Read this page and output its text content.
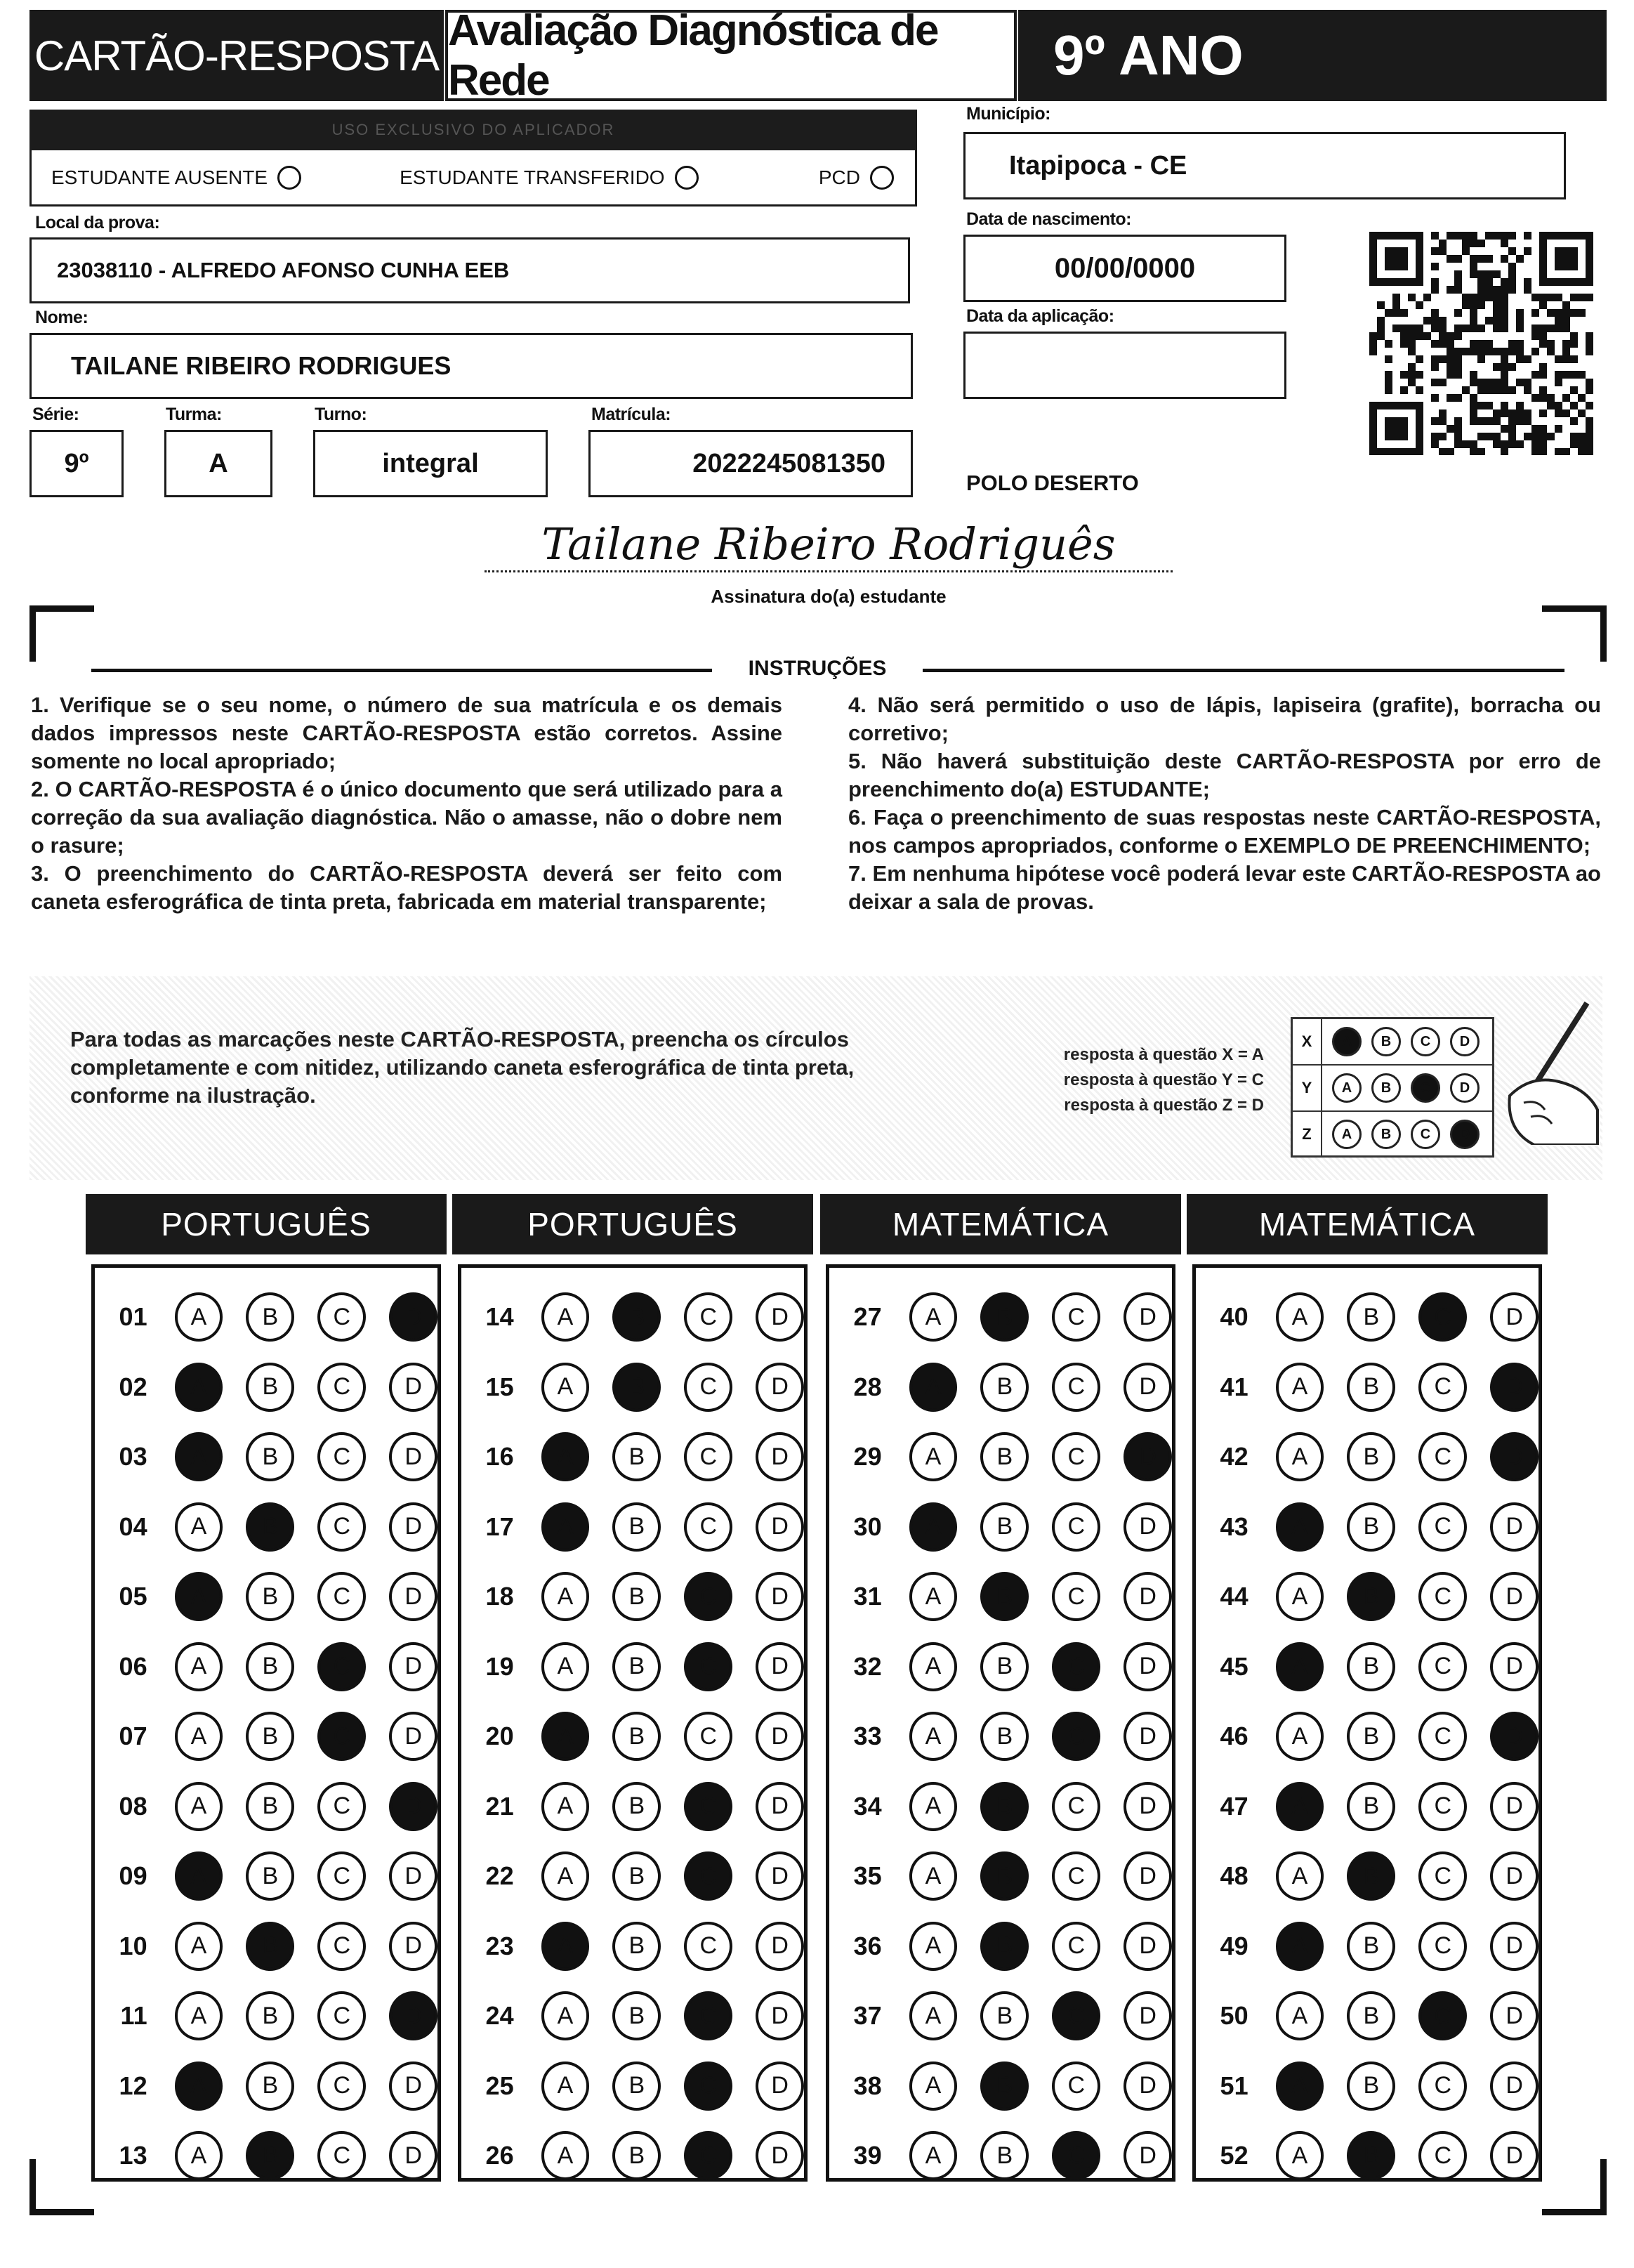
CARTÃO-RESPOSTA
Avaliação Diagnóstica de Rede	9º ANO
USO EXCLUSIVO DO APLICADOR
ESTUDANTE AUSENTE	ESTUDANTE TRANSFERIDO	PCD
Local da prova:
23038110 - ALFREDO AFONSO CUNHA EEB
Nome:
TAILANE RIBEIRO RODRIGUES
Série:
9º
Turma:
A
Turno:
integral
Matrícula:
2022245081350
Município:
Itapipoca - CE
Data de nascimento:
00/00/0000
Data da aplicação:
POLO DESERTO
Tailane Ribeiro Rodriguês
Assinatura do(a) estudante
INSTRUÇÕES
1. Verifique se o seu nome, o número de sua matrícula e os demais dados impressos neste CARTÃO-RESPOSTA estão corretos. Assine somente no local apropriado;
2. O CARTÃO-RESPOSTA é o único documento que será utilizado para a correção da sua avaliação diagnóstica. Não o amasse, não o dobre nem o rasure;
3. O preenchimento do CARTÃO-RESPOSTA deverá ser feito com caneta esferográfica de tinta preta, fabricada em material transparente;
4. Não será permitido o uso de lápis, lapiseira (grafite), borracha ou corretivo;
5. Não haverá substituição deste CARTÃO-RESPOSTA por erro de preenchimento do(a) ESTUDANTE;
6. Faça o preenchimento de suas respostas neste CARTÃO-RESPOSTA, nos campos apropriados, conforme o EXEMPLO DE PREENCHIMENTO;
7. Em nenhuma hipótese você poderá levar este CARTÃO-RESPOSTA ao deixar a sala de provas.
Para todas as marcações neste CARTÃO-RESPOSTA, preencha os círculos completamente e com nitidez, utilizando caneta esferográfica de tinta preta, conforme na ilustração.
resposta à questão X = A
resposta à questão Y = C
resposta à questão Z = D
X	A	B	C	D
Y	A	B	C	D
Z	A	B	C	D
PORTUGUÊS
01	A	B	C	D
02	A	B	C	D
03	A	B	C	D
04	A	B	C	D
05	A	B	C	D
06	A	B	C	D
07	A	B	C	D
08	A	B	C	D
09	A	B	C	D
10	A	B	C	D
11	A	B	C	D
12	A	B	C	D
13	A	B	C	D
PORTUGUÊS
14	A	B	C	D
15	A	B	C	D
16	A	B	C	D
17	A	B	C	D
18	A	B	C	D
19	A	B	C	D
20	A	B	C	D
21	A	B	C	D
22	A	B	C	D
23	A	B	C	D
24	A	B	C	D
25	A	B	C	D
26	A	B	C	D
MATEMÁTICA
27	A	B	C	D
28	A	B	C	D
29	A	B	C	D
30	A	B	C	D
31	A	B	C	D
32	A	B	C	D
33	A	B	C	D
34	A	B	C	D
35	A	B	C	D
36	A	B	C	D
37	A	B	C	D
38	A	B	C	D
39	A	B	C	D
MATEMÁTICA
40	A	B	C	D
41	A	B	C	D
42	A	B	C	D
43	A	B	C	D
44	A	B	C	D
45	A	B	C	D
46	A	B	C	D
47	A	B	C	D
48	A	B	C	D
49	A	B	C	D
50	A	B	C	D
51	A	B	C	D
52	A	B	C	D
